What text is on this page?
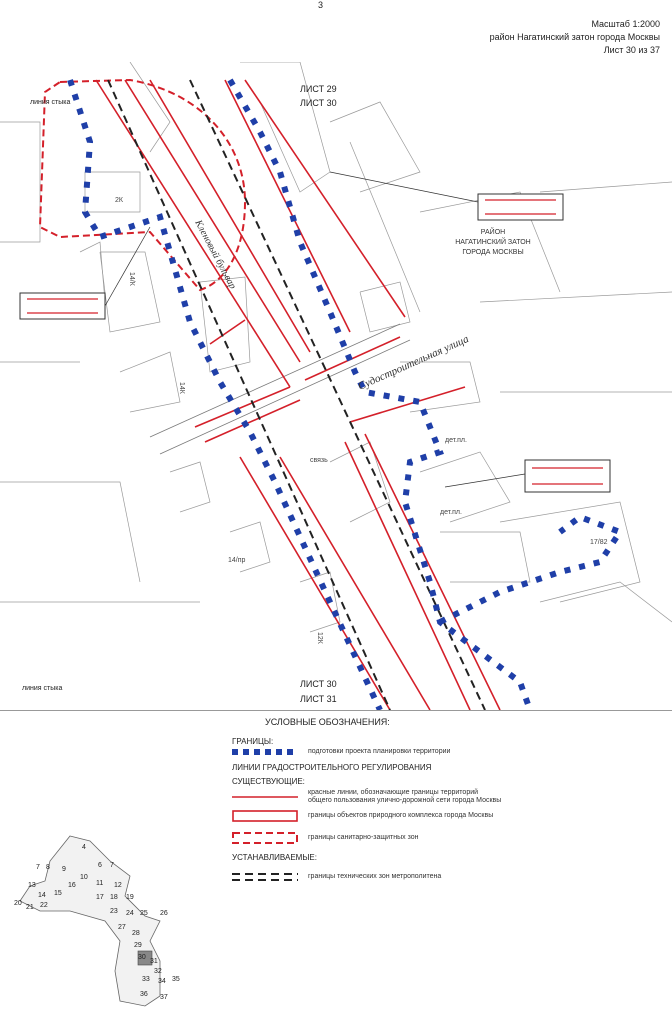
3
Масштаб 1:2000
район Нагатинский затон города Москвы
Лист 30 из 37
ЛИСТ 29
ЛИСТ 30
линия стыка
ЛИСТ 30
ЛИСТ 31
линия стыка
Кленовый бульвар
Судостроительная улица
РАЙОН
НАГАТИНСКИЙ ЗАТОН
ГОРОДА МОСКВЫ
2К
14/К
14К
связь
дет.пл.
дет.пл.
14/пр
12К
17/82
УСЛОВНЫЕ ОБОЗНАЧЕНИЯ:
ГРАНИЦЫ:
подготовки проекта планировки территории
ЛИНИИ ГРАДОСТРОИТЕЛЬНОГО РЕГУЛИРОВАНИЯ
СУЩЕСТВУЮЩИЕ:
красные линии, обозначающие границы территорий
общего пользования улично-дорожной сети города Москвы
границы объектов природного комплекса города Москвы
границы санитарно-защитных зон
УСТАНАВЛИВАЕМЫЕ:
границы технических зон метрополитена
4
7 8 9
6 7
10
11 12
13
14 15
16
20
21 22
17 18 19
23 24 25 26
27
28
29
30
31
32
33 34 35
36 37
